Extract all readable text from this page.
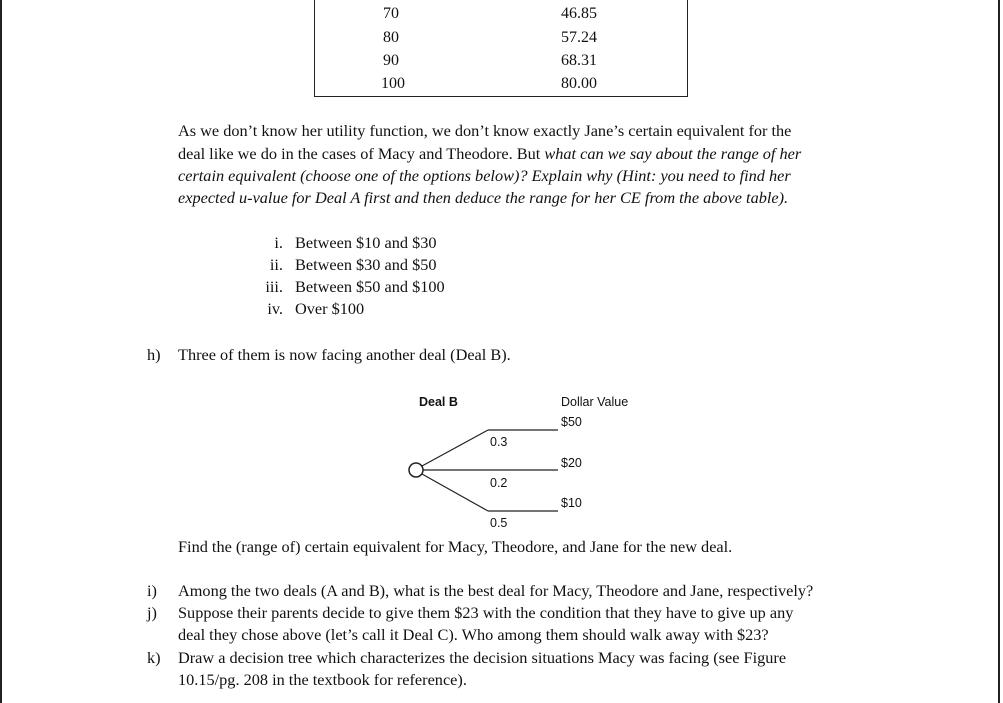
70	46.85
80	57.24
90	68.31
100	80.00
As we don’t know her utility function, we don’t know exactly Jane’s certain equivalent for the
deal like we do in the cases of Macy and Theodore. But what can we say about the range of her
certain equivalent (choose one of the options below)? Explain why (Hint: you need to find her
expected u-value for Deal A first and then deduce the range for her CE from the above table).
i. Between $10 and $30
ii. Between $30 and $50
iii. Between $50 and $100
iv. Over $100
h) Three of them is now facing another deal (Deal B).
Deal B	Dollar Value
$50
0.3
$20
0.2
$10
0.5
Find the (range of) certain equivalent for Macy, Theodore, and Jane for the new deal.
i) Among the two deals (A and B), what is the best deal for Macy, Theodore and Jane, respectively?
j) Suppose their parents decide to give them $23 with the condition that they have to give up any
deal they chose above (let’s call it Deal C). Who among them should walk away with $23?
k) Draw a decision tree which characterizes the decision situations Macy was facing (see Figure
10.15/pg. 208 in the textbook for reference).
